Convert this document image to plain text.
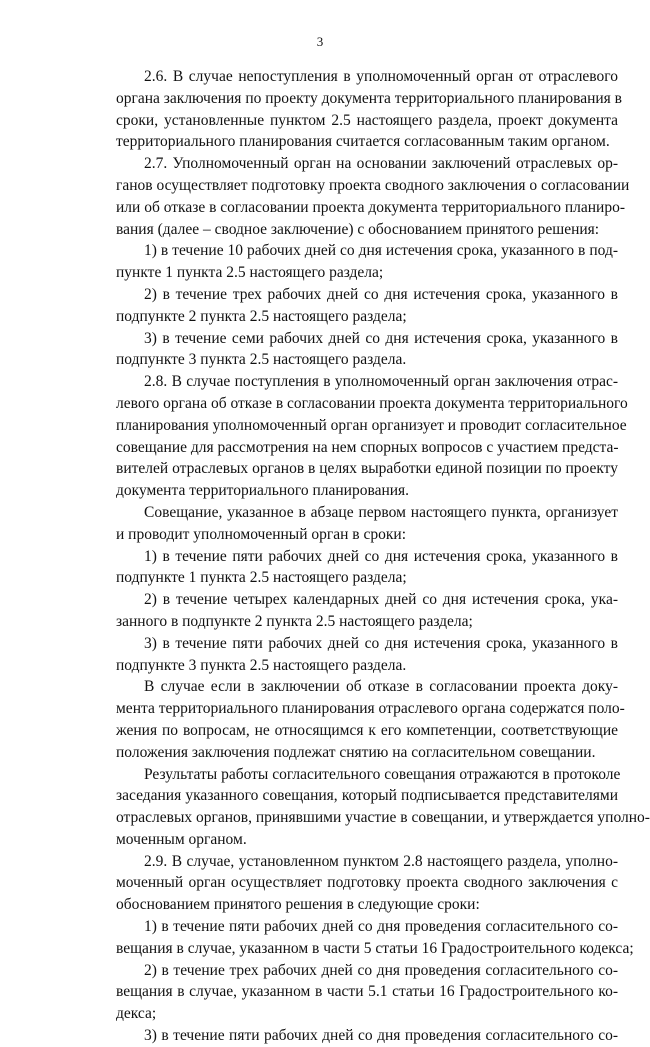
3
2.6. В случае непоступления в уполномоченный орган от отраслевого
органа заключения по проекту документа территориального планирования в
сроки, установленные пунктом 2.5 настоящего раздела, проект документа
территориального планирования считается согласованным таким органом.
2.7. Уполномоченный орган на основании заключений отраслевых ор-
ганов осуществляет подготовку проекта сводного заключения о согласовании
или об отказе в согласовании проекта документа территориального планиро-
вания (далее – сводное заключение) с обоснованием принятого решения:
1) в течение 10 рабочих дней со дня истечения срока, указанного в под-
пункте 1 пункта 2.5 настоящего раздела;
2) в течение трех рабочих дней со дня истечения срока, указанного в
подпункте 2 пункта 2.5 настоящего раздела;
3) в течение семи рабочих дней со дня истечения срока, указанного в
подпункте 3 пункта 2.5 настоящего раздела.
2.8. В случае поступления в уполномоченный орган заключения отрас-
левого органа об отказе в согласовании проекта документа территориального
планирования уполномоченный орган организует и проводит согласительное
совещание для рассмотрения на нем спорных вопросов с участием предста-
вителей отраслевых органов в целях выработки единой позиции по проекту
документа территориального планирования.
Совещание, указанное в абзаце первом настоящего пункта, организует
и проводит уполномоченный орган в сроки:
1) в течение пяти рабочих дней со дня истечения срока, указанного в
подпункте 1 пункта 2.5 настоящего раздела;
2) в течение четырех календарных дней со дня истечения срока, ука-
занного в подпункте 2 пункта 2.5 настоящего раздела;
3) в течение пяти рабочих дней со дня истечения срока, указанного в
подпункте 3 пункта 2.5 настоящего раздела.
В случае если в заключении об отказе в согласовании проекта доку-
мента территориального планирования отраслевого органа содержатся поло-
жения по вопросам, не относящимся к его компетенции, соответствующие
положения заключения подлежат снятию на согласительном совещании.
Результаты работы согласительного совещания отражаются в протоколе
заседания указанного совещания, который подписывается представителями
отраслевых органов, принявшими участие в совещании, и утверждается уполно-
моченным органом.
2.9. В случае, установленном пунктом 2.8 настоящего раздела, уполно-
моченный орган осуществляет подготовку проекта сводного заключения с
обоснованием принятого решения в следующие сроки:
1) в течение пяти рабочих дней со дня проведения согласительного со-
вещания в случае, указанном в части 5 статьи 16 Градостроительного кодекса;
2) в течение трех рабочих дней со дня проведения согласительного со-
вещания в случае, указанном в части 5.1 статьи 16 Градостроительного ко-
декса;
3) в течение пяти рабочих дней со дня проведения согласительного со-
